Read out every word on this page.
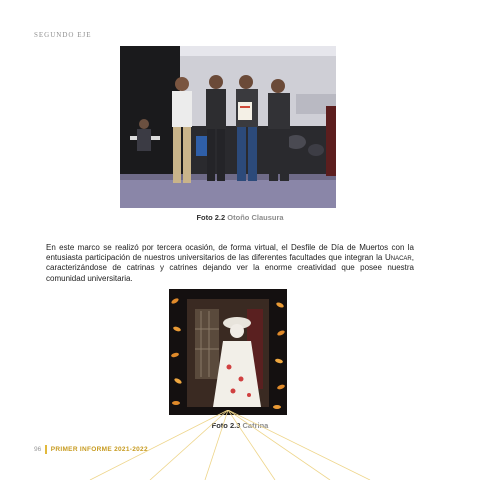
SEGUNDO EJE
Foto 2.2 Otoño Clausura
En este marco se realizó por tercera ocasión, de forma virtual, el Desfile de Día de Muertos con la entusiasta participación de nuestros universitarios de las diferentes facultades que integran la Unacar, caracterizándose de catrinas y catrines dejando ver la enorme creatividad que posee nuestra comunidad universitaria.
Foto 2.3 Catrina
96 PRIMER INFORME 2021-2022
